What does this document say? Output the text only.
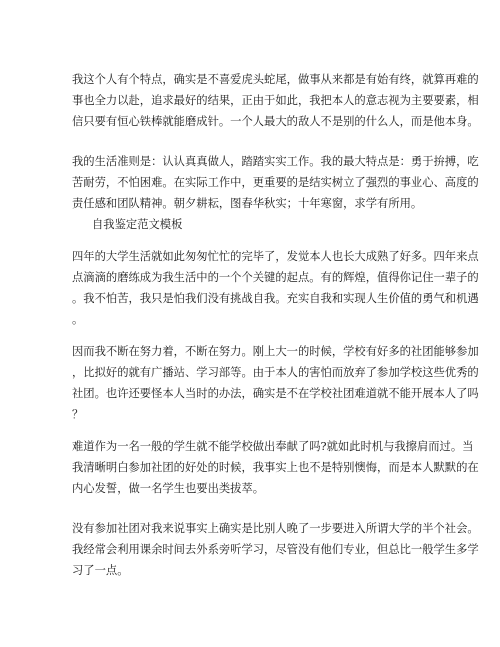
我这个人有个特点，确实是不喜爱虎头蛇尾，做事从来都是有始有终，就算再难的
事也全力以赴，追求最好的结果，正由于如此，我把本人的意志视为主要要素，相
信只要有恒心铁棒就能磨成针。一个人最大的敌人不是别的什么人，而是他本身。
我的生活准则是：认认真真做人，踏踏实实工作。我的最大特点是：勇于拚搏，吃
苦耐劳，不怕困难。在实际工作中，更重要的是结实树立了强烈的事业心、高度的
责任感和团队精神。朝夕耕耘，图春华秋实；十年寒窗，求学有所用。
自我鉴定范文模板
四年的大学生活就如此匆匆忙忙的完毕了，发觉本人也长大成熟了好多。四年来点
点滴滴的磨练成为我生活中的一个个关键的起点。有的辉煌，值得你记住一辈子的
。我不怕苦，我只是怕我们没有挑战自我。充实自我和实现人生价值的勇气和机遇
。
因而我不断在努力着，不断在努力。刚上大一的时候，学校有好多的社团能够参加
，比拟好的就有广播站、学习部等。由于本人的害怕而放弃了参加学校这些优秀的
社团。也许还要怪本人当时的办法，确实是不在学校社团难道就不能开展本人了吗
？
难道作为一名一般的学生就不能学校做出奉献了吗?就如此时机与我擦肩而过。当
我清晰明白参加社团的好处的时候，我事实上也不是特别懊悔，而是本人默默的在
内心发誓，做一名学生也要出类拔萃。
没有参加社团对我来说事实上确实是比别人晚了一步要进入所谓大学的半个社会。
我经常会利用课余时间去外系旁听学习，尽管没有他们专业，但总比一般学生多学
习了一点。
